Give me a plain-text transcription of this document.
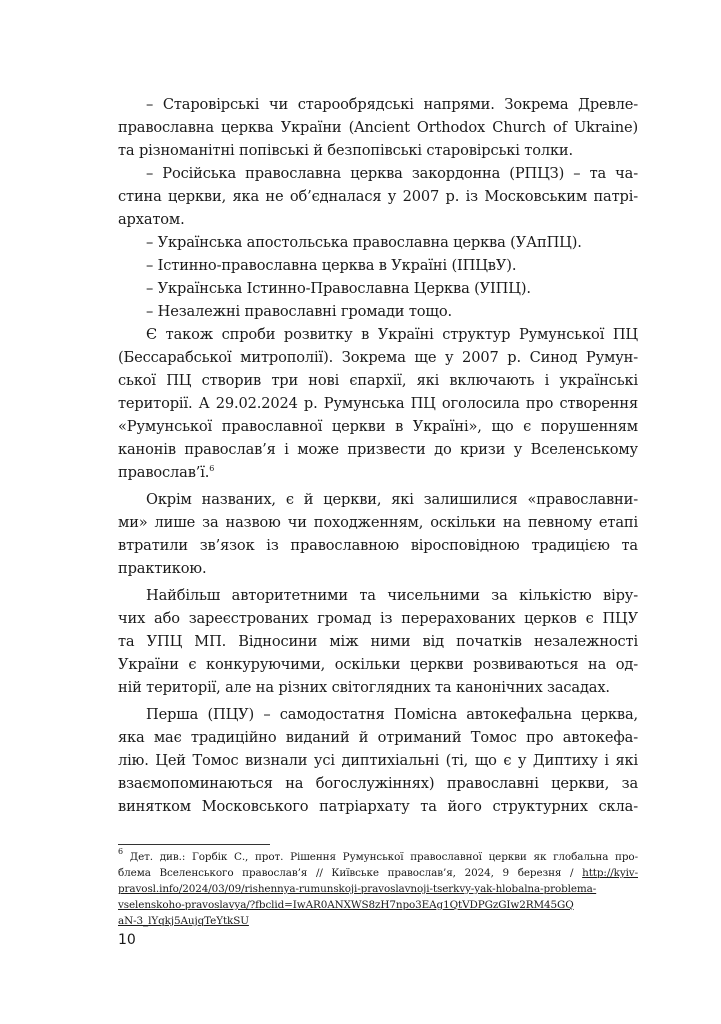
– Старовірські чи старообрядські напрями. Зокрема Древле-
православна церква України (Ancient Orthodox Church of Ukraine)
та різноманітні попівські й безпопівські старовірські толки.
– Російська православна церква закордонна (РПЦЗ) – та ча-
стина церкви, яка не об’єдналася у 2007 р. із Московським патрі-
архатом.
– Українська апостольська православна церква (УАпПЦ).
– Істинно-православна церква в Україні (ІПЦвУ).
– Українська Істинно-Православна Церква (УІПЦ).
– Незалежні православні громади тощо.
Є також спроби розвитку в Україні структур Румунської ПЦ
(Бессарабської митрополії). Зокрема ще у 2007 р. Синод Румун-
ської ПЦ створив три нові єпархії, які включають і українські
території. А 29.02.2024 р. Румунська ПЦ оголосила про створення
«Румунської православної церкви в Україні», що є порушенням
канонів православ’я і може призвести до кризи у Вселенському
православ’ї.$^6$
Окрім названих, є й церкви, які залишилися «православни-
ми» лише за назвою чи походженням, оскільки на певному етапі
втратили зв’язок із православною віросповідною традицією та
практикою.
Найбільш авторитетними та чисельними за кількістю віру-
чих або зареєстрованих громад із перерахованих церков є ПЦУ
та УПЦ МП. Відносини між ними від початків незалежності
України є конкуруючими, оскільки церкви розвиваються на од-
ній території, але на різних світоглядних та канонічних засадах.
Перша (ПЦУ) – самодостатня Помісна автокефальна церква,
яка має традиційно виданий й отриманий Томос про автокефа-
лію. Цей Томос визнали усі диптихіальні (ті, що є у Диптиху і які
взаємопоминаються на богослужіннях) православні церкви, за
винятком Московського патріархату та його структурних скла-
$^6$ Дет. див.: Горбік С., прот. Рішення Румунської православної церкви як глобальна про-
блема Вселенського православ’я // Київське православ’я, 2024, 9 березня / http://kyiv-
pravosl.info/2024/03/09/rishennya-rumunskoji-pravoslavnoji-tserkvy-yak-hlobalna-problema-
vselenskoho-pravoslavya/?fbclid=IwAR0ANXWS8zH7npo3EAg1QtVDPGzGIw2RM45GQ
aN-3_lYqkj5AujqTeYtkSU
10
